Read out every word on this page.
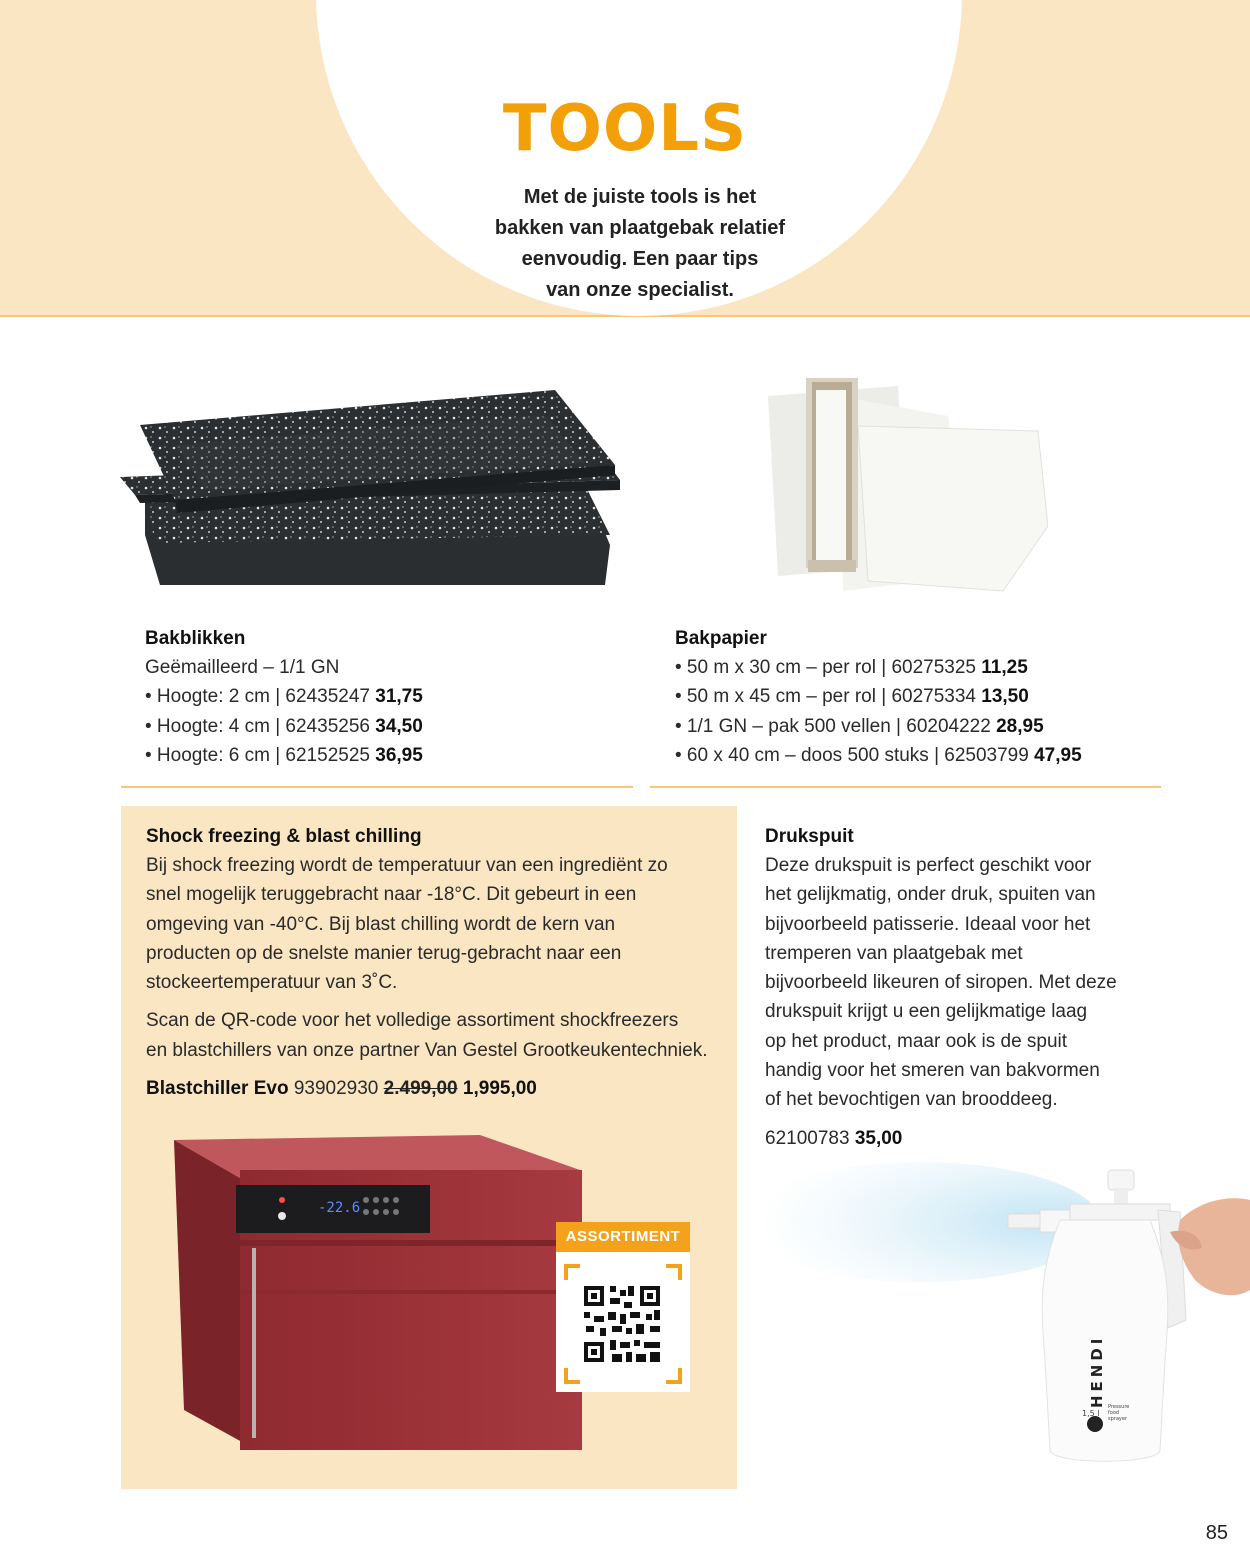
TOOLS
Met de juiste tools is het
bakken van plaatgebak relatief
eenvoudig. Een paar tips
van onze specialist.
Bakblikken
Geëmailleerd – 1/1 GN
• Hoogte: 2 cm | 62435247 31,75
• Hoogte: 4 cm | 62435256 34,50
• Hoogte: 6 cm | 62152525 36,95
Bakpapier
• 50 m x 30 cm – per rol | 60275325 11,25
• 50 m x 45 cm – per rol | 60275334 13,50
• 1/1 GN – pak 500 vellen | 60204222 28,95
• 60 x 40 cm – doos 500 stuks | 62503799 47,95
Shock freezing & blast chilling
Bij shock freezing wordt de temperatuur van een ingrediënt zo
snel mogelijk teruggebracht naar -18°C. Dit gebeurt in een
omgeving van -40°C. Bij blast chilling wordt de kern van
producten op de snelste manier terug-gebracht naar een
stockeertemperatuur van 3˚C.
Scan de QR-code voor het volledige assortiment shockfreezers
en blastchillers van onze partner Van Gestel Grootkeukentechniek.
Blastchiller Evo 93902930 2.499,00 1,995,00
-22.6
ASSORTIMENT
Drukspuit
Deze drukspuit is perfect geschikt voor
het gelijkmatig, onder druk, spuiten van
bijvoorbeeld patisserie. Ideaal voor het
tremperen van plaatgebak met
bijvoorbeeld likeuren of siropen. Met deze
drukspuit krijgt u een gelijkmatige laag
op het product, maar ook is de spuit
handig voor het smeren van bakvormen
of het bevochtigen van brooddeeg.
62100783 35,00
HENDI
1,5 l
Pressure
food
sprayer
85
